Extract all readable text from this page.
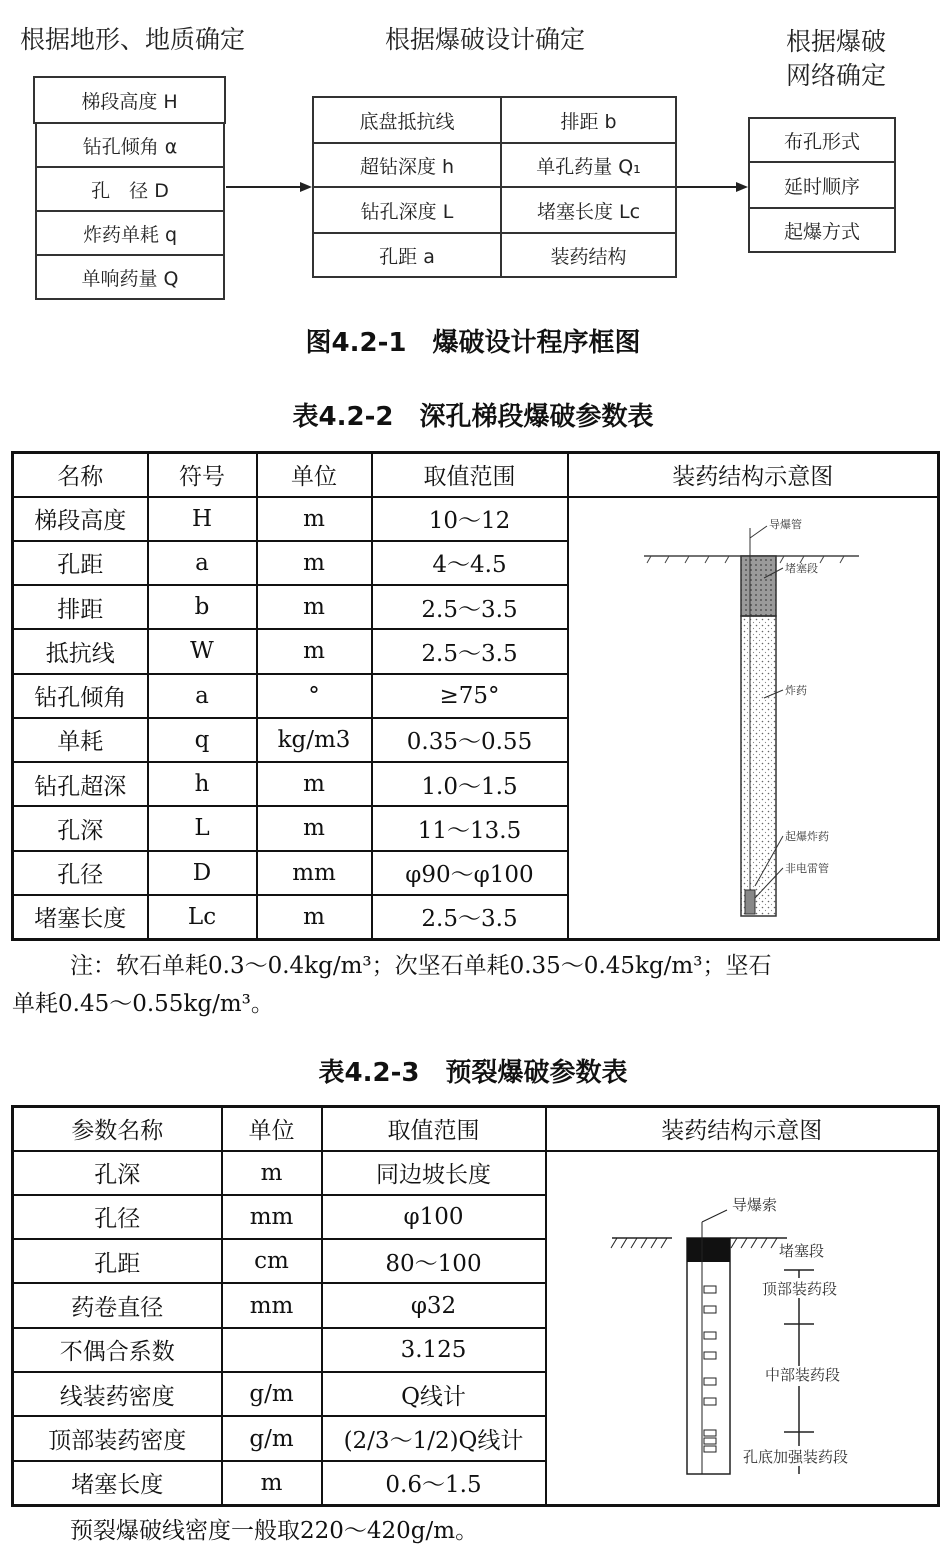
根据地形、地质确定	根据爆破设计确定	根据爆破
网络确定
梯段高度 H
钻孔倾角 α
孔　径 D
炸药单耗 q
单响药量 Q
底盘抵抗线
超钻深度 h
钻孔深度 L
孔距 a
排距 b
单孔药量 Q₁
堵塞长度 Lc
装药结构
布孔形式
延时顺序
起爆方式
图4.2-1　爆破设计程序框图
表4.2-2　深孔梯段爆破参数表
名称	符号	单位	取值范围	装药结构示意图
梯段高度	H	m	10～12	导爆管
堵塞段
炸药
起爆炸药
非电雷管

孔距	a	m	4～4.5	
排距	b	m	2.5～3.5	
抵抗线	W	m	2.5～3.5	
钻孔倾角	a	°	≥75°	
单耗	q	kg/m3	0.35～0.55	
钻孔超深	h	m	1.0～1.5	
孔深	L	m	11～13.5	
孔径	D	mm	φ90～φ100	
堵塞长度	Lc	m	2.5～3.5	
注：软石单耗0.3～0.4kg/m³；次坚石单耗0.35～0.45kg/m³；坚石
单耗0.45～0.55kg/m³。
表4.2-3　预裂爆破参数表
参数名称	单位	取值范围	装药结构示意图
孔深	m	同边坡长度	导爆索
堵塞段
顶部装药段
中部装药段
孔底加强装药段

孔径	mm	φ100	
孔距	cm	80～100	
药卷直径	mm	φ32	
不偶合系数		3.125	
线装药密度	g/m	Q线计	
顶部装药密度	g/m	(2/3～1/2)Q线计	
堵塞长度	m	0.6～1.5	
预裂爆破线密度一般取220～420g/m。
